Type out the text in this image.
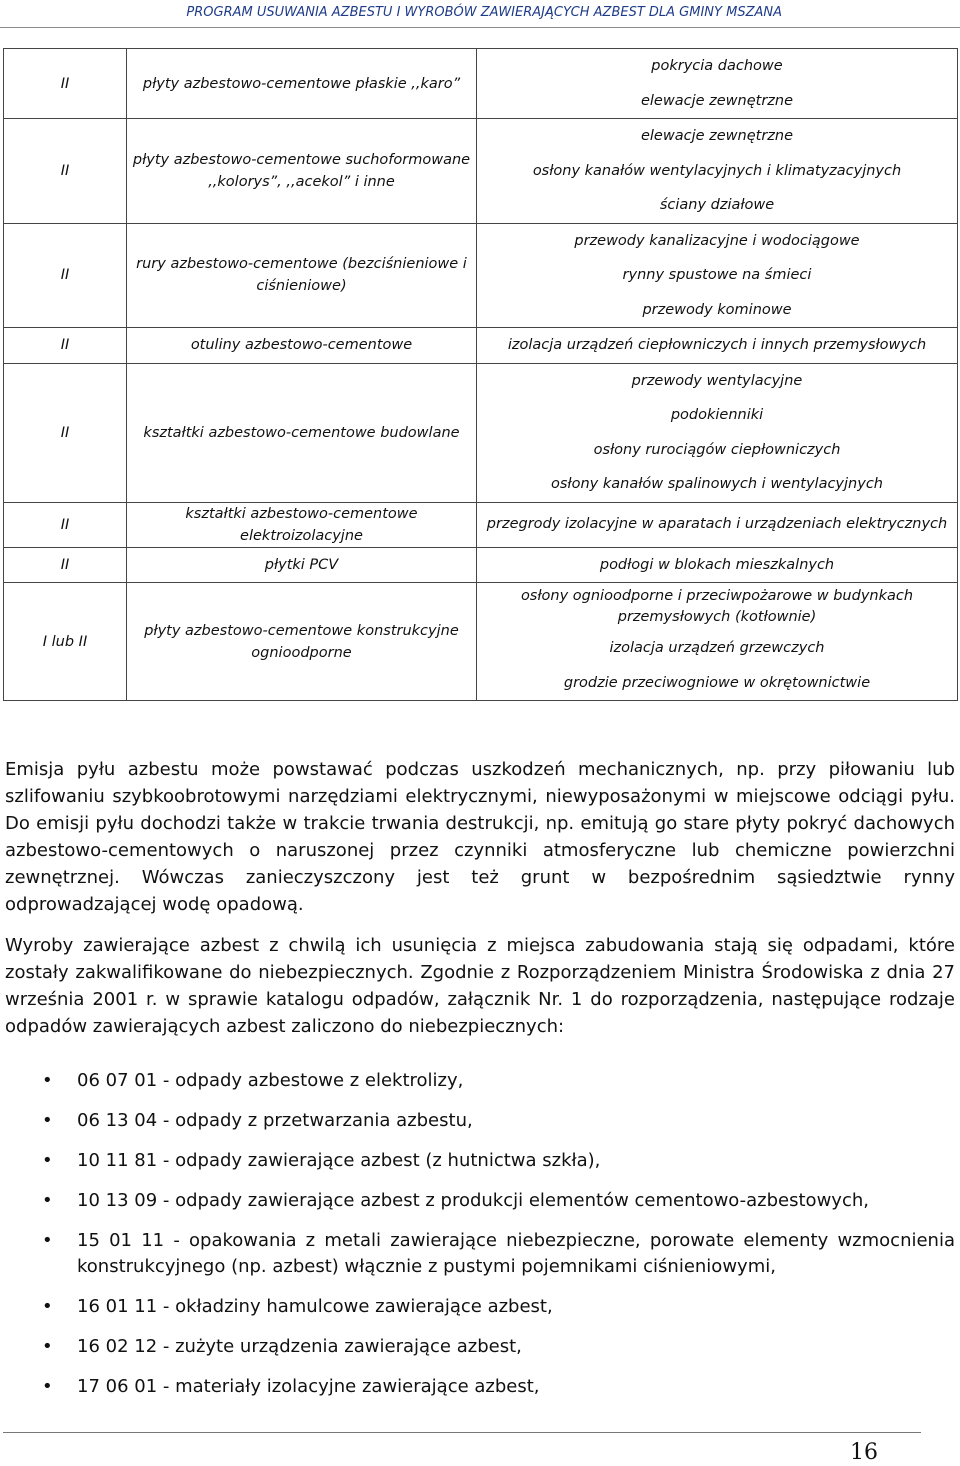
PROGRAM USUWANIA AZBESTU I WYROBÓW ZAWIERAJĄCYCH AZBEST DLA GMINY MSZANA
II	płyty azbestowo-cementowe płaskie ,,karo”	pokrycia dachowe
elewacje zewnętrzne

II	płyty azbestowo-cementowe suchoformowane ,,kolorys”, ,,acekol” i inne	elewacje zewnętrzne
osłony kanałów wentylacyjnych i klimatyzacyjnych
ściany działowe

II	rury azbestowo-cementowe (bezciśnieniowe i ciśnieniowe)	przewody kanalizacyjne i wodociągowe
rynny spustowe na śmieci
przewody kominowe

II	otuliny azbestowo-cementowe	izolacja urządzeń ciepłowniczych i innych przemysłowych

II	kształtki azbestowo-cementowe budowlane	przewody wentylacyjne
podokienniki
osłony rurociągów ciepłowniczych
osłony kanałów spalinowych i wentylacyjnych

II	kształtki azbestowo-cementowe elektroizolacyjne	przegrody izolacyjne w aparatach i urządzeniach elektrycznych

II	płytki PCV	podłogi w blokach mieszkalnych

I lub II	płyty azbestowo-cementowe konstrukcyjne ognioodporne	osłony ognioodporne i przeciwpożarowe w budynkach przemysłowych (kotłownie)
izolacja urządzeń grzewczych
grodzie przeciwogniowe w okrętownictwie

Emisja pyłu azbestu może powstawać podczas uszkodzeń mechanicznych, np. przy piłowaniu lub szlifowaniu szybkoobrotowymi narzędziami elektrycznymi, niewyposażonymi w miejscowe odciągi pyłu. Do emisji pyłu dochodzi także w trakcie trwania destrukcji, np. emitują go stare płyty pokryć dachowych azbestowo-cementowych o naruszonej przez czynniki atmosferyczne lub chemiczne powierzchni zewnętrznej. Wówczas zanieczyszczony jest też grunt w bezpośrednim sąsiedztwie rynny odprowadzającej wodę opadową.

Wyroby zawierające azbest z chwilą ich usunięcia z miejsca zabudowania stają się odpadami, które zostały zakwalifikowane do niebezpiecznych. Zgodnie z Rozporządzeniem Ministra Środowiska z dnia 27 września 2001 r. w sprawie katalogu odpadów, załącznik Nr. 1 do rozporządzenia, następujące rodzaje odpadów zawierających azbest zaliczono do niebezpiecznych:

• 06 07 01 - odpady azbestowe z elektrolizy,
• 06 13 04 - odpady z przetwarzania azbestu,
• 10 11 81 - odpady zawierające azbest (z hutnictwa szkła),
• 10 13 09 - odpady zawierające azbest z produkcji elementów cementowo-azbestowych,
• 15 01 11 - opakowania z metali zawierające niebezpieczne, porowate elementy wzmocnienia konstrukcyjnego (np. azbest) włącznie z pustymi pojemnikami ciśnieniowymi,
• 16 01 11 - okładziny hamulcowe zawierające azbest,
• 16 02 12 - zużyte urządzenia zawierające azbest,
• 17 06 01 - materiały izolacyjne zawierające azbest,
16
